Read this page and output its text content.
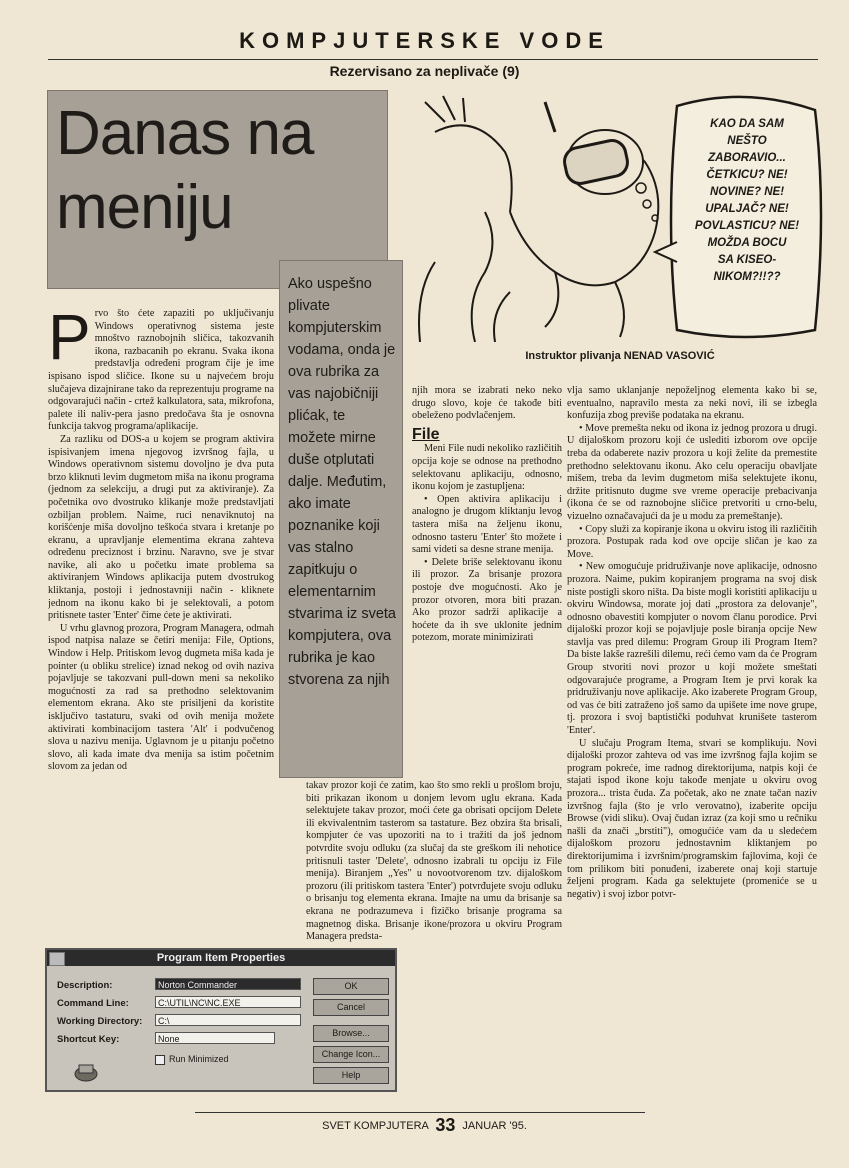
KOMPJUTERSKE VODE
Rezervisano za neplivače (9)
Danas na
meniju
KAO DA SAM
NEŠTO
ZABORAVIO...
ČETKICU? NE!
NOVINE? NE!
UPALJAČ? NE!
POVLASTICU? NE!
MOŽDA BOCU
SA KISEO-
NIKOM?!!??
Instruktor plivanja NENAD VASOVIĆ
Ako uspešno plivate kompjuterskim vodama, onda je ova rubrika za vas najobičniji plićak, te možete mirne duše otplutati dalje. Međutim, ako imate poznanike koji vas stalno zapitkuju o elementarnim stvarima iz sveta kompjutera, ova rubrika je kao stvorena za njih

Prvo što ćete zapaziti po uključivanju Windows operativnog sistema jeste mnoštvo raznobojnih sličica, takozvanih ikona, razbacanih po ekranu. Svaka ikona predstavlja određeni program čije je ime ispisano ispod sličice. Ikone su u najvećem broju slučajeva dizajnirane tako da reprezentuju programe na odgovarajući način - crtež kalkulatora, sata, mikrofona, palete ili naliv-pera jasno predočava šta je osnovna funkcija takvog programa/aplikacije.

Za razliku od DOS-a u kojem se program aktivira ispisivanjem imena njegovog izvršnog fajla, u Windows operativnom sistemu dovoljno je dva puta brzo kliknuti levim dugmetom miša na ikonu programa (jednom za selekciju, a drugi put za aktiviranje). Za početnika ovo dvostruko klikanje može predstavljati ozbiljan problem. Naime, ruci nenaviknutoj na korišćenje miša dovoljno teškoća stvara i kretanje po ekranu, a upravljanje elementima ekrana zahteva određenu preciznost i brzinu. Naravno, sve je stvar navike, ali ako u početku imate problema sa aktiviranjem Windows aplikacija putem dvostrukog kliktanja, postoji i jednostavniji način - kliknete jednom na ikonu kako bi je selektovali, a potom pritisnete taster 'Enter' čime ćete je aktivirati.

U vrhu glavnog prozora, Program Managera, odmah ispod natpisa nalaze se četiri menija: File, Options, Window i Help. Pritiskom levog dugmeta miša kada je pointer (u obliku strelice) iznad nekog od ovih naziva pojavljuje se takozvani pull-down meni sa nekoliko mogućnosti za rad sa prethodno selektovanim elementom ekrana. Ako ste prisiljeni da koristite isključivo tastaturu, svaki od ovih menija možete aktivirati kombinacijom tastera 'Alt' i podvučenog slova u nazivu menija. Uglavnom je u pitanju početno slovo, ali kada imate dva menija sa istim početnim slovom za jedan od

njih mora se izabrati neko neko drugo slovo, koje će takođe biti obeleženo podvlačenjem.

File

Meni File nudi nekoliko različitih opcija koje se odnose na prethodno selektovanu aplikaciju, odnosno, ikonu kojom je zastupljena:

• Open aktivira aplikaciju i analogno je drugom kliktanju levog tastera miša na željenu ikonu, odnosno tasteru 'Enter' što možete i sami videti sa desne strane menija.

• Delete briše selektovanu ikonu ili prozor. Za brisanje prozora postoje dve mogućnosti. Ako je prozor otvoren, mora biti prazan. Ako prozor sadrži aplikacije a hoćete da ih sve uklonite jednim potezom, morate minimizirati

takav prozor koji će zatim, kao što smo rekli u prošlom broju, biti prikazan ikonom u donjem levom uglu ekrana. Kada selektujete takav prozor, moći ćete ga obrisati opcijom Delete ili ekvivalentnim tasterom sa tastature. Bez obzira šta brisali, kompjuter će vas upozoriti na to i tražiti da još jednom potvrdite svoju odluku (za slučaj da ste greškom ili nehotice pritisnuli taster 'Delete', odnosno izabrali tu opciju iz File menija). Biranjem „Yes" u novootvorenom tzv. dijaloškom prozoru (ili pritiskom tastera 'Enter') potvrđujete svoju odluku o brisanju tog elementa ekrana. Imajte na umu da brisanje sa ekrana ne podrazumeva i fizičko brisanje programa sa magnetnog diska. Brisanje ikone/prozora u okviru Program Managera predsta-

vlja samo uklanjanje nepoželjnog elementa kako bi se, eventualno, napravilo mesta za neki novi, ili se izbegla konfuzija zbog previše podataka na ekranu.

• Move premešta neku od ikona iz jednog prozora u drugi. U dijaloškom prozoru koji će uslediti izborom ove opcije treba da odaberete naziv prozora u koji želite da premestite prethodno selektovanu ikonu. Ako celu operaciju obavljate mišem, treba da levim dugmetom miša selektujete ikonu, držite pritisnuto dugme sve vreme operacije prebacivanja (ikona će se od raznobojne sličice pretvoriti u crno-belu, vizuelno označavajući da je u modu za premeštanje).

• Copy služi za kopiranje ikona u okviru istog ili različitih prozora. Postupak rada kod ove opcije sličan je kao za Move.

• New omogućuje pridruživanje nove aplikacije, odnosno prozora. Naime, pukim kopiranjem programa na svoj disk niste postigli skoro ništa. Da biste mogli koristiti aplikaciju u okviru Windowsa, morate joj dati „prostora za delovanje", odnosno obavestiti kompjuter o novom članu porodice. Prvi dijaloški prozor koji se pojavljuje posle biranja opcije New stavlja vas pred dilemu: Program Group ili Program Item? Da biste lakše razrešili dilemu, reći ćemo vam da će Program Group stvoriti novi prozor u koji možete smeštati odgovarajuće programe, a Program Item je prvi korak ka pridruživanju nove aplikacije. Ako izaberete Program Group, od vas će biti zatraženo još samo da upišete ime nove grupe, tj. prozora i svoj baptistički poduhvat krunišete tasterom 'Enter'.

U slučaju Program Itema, stvari se komplikuju. Novi dijaloški prozor zahteva od vas ime izvršnog fajla kojim se program pokreće, ime radnog direktorijuma, natpis koji će stajati ispod ikone koju takođe menjate u okviru ovog prozora... trista čuda. Za početak, ako ne znate tačan naziv izvršnog fajla (što je vrlo verovatno), izaberite opciju Browse (vidi sliku). Ovaj čudan izraz (za koji smo u rečniku našli da znači „brstiti"), omogućiće vam da u sledećem dijaloškom prozoru jednostavnim kliktanjem po direktorijumima i izvršnim/programskim fajlovima, koji će tom prilikom biti ponuđeni, izaberete onaj koji startuje željeni program. Kada ga selektujete (promeniće se u negativ) i svoj izbor potvr-

Program Item Properties
Description:	Norton Commander
Command Line:	C:\UTIL\NC\NC.EXE
Working Directory:	C:\
Shortcut Key:	None
Run Minimized
OK
Cancel
Browse...
Change Icon...
Help
SVET KOMPJUTERA 33 JANUAR '95.
